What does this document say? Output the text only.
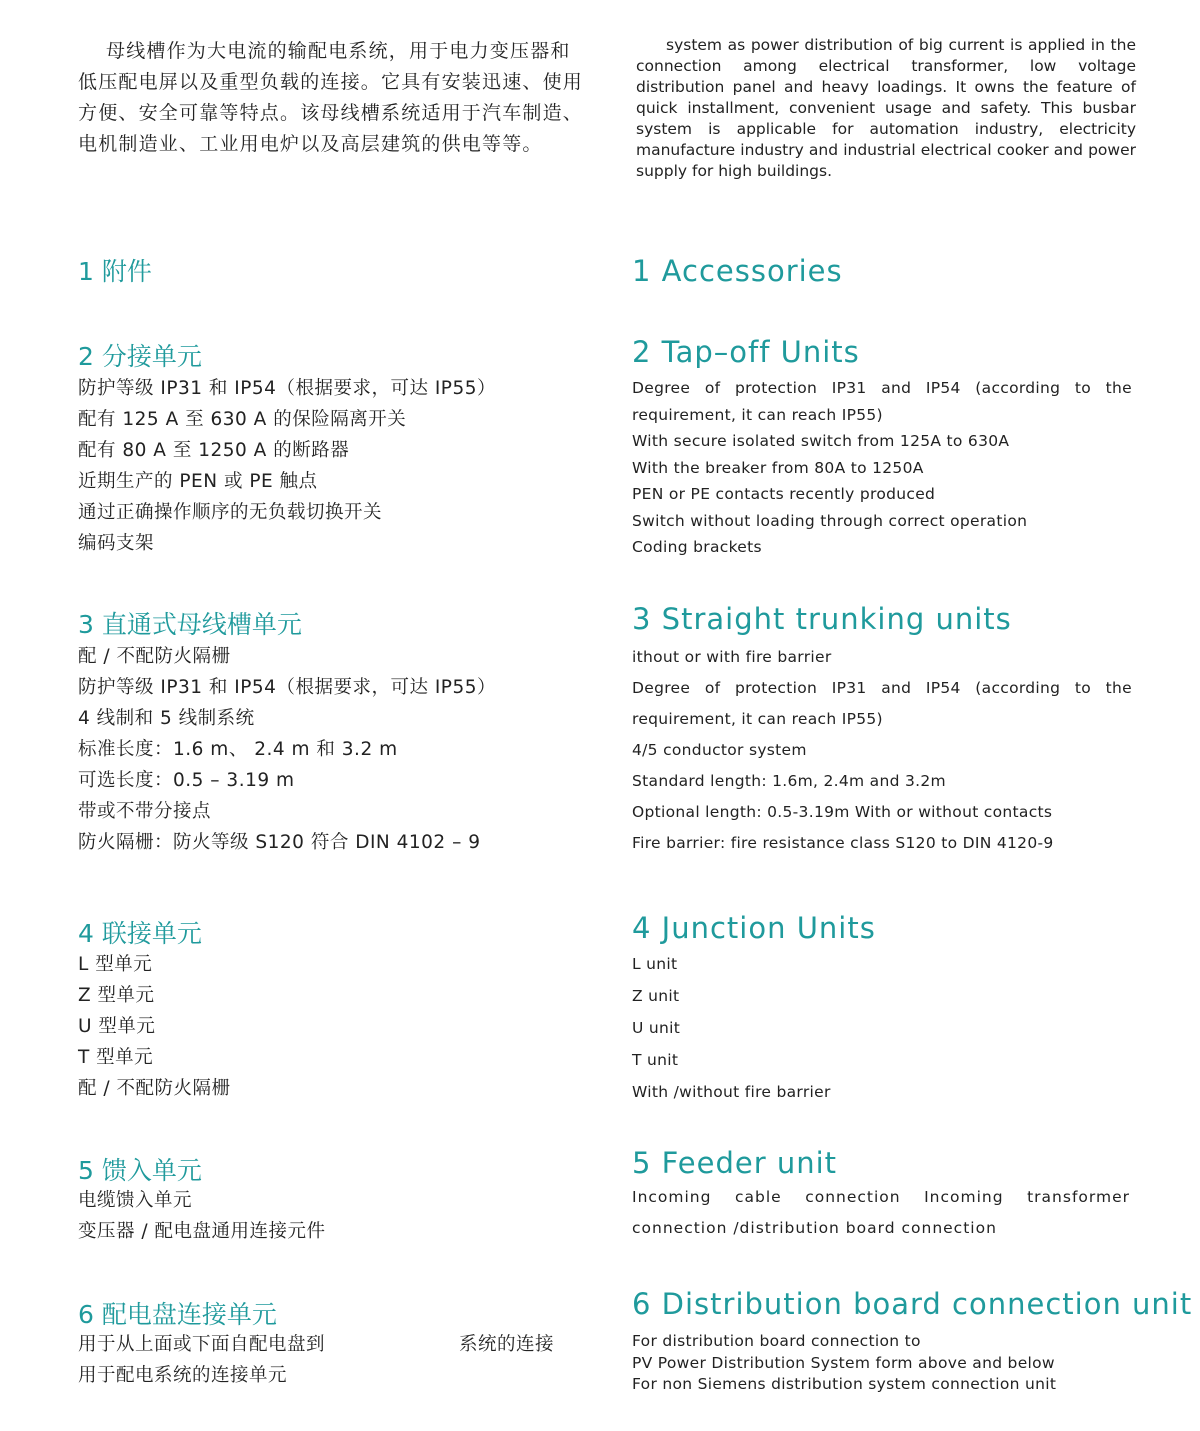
母线槽作为大电流的输配电系统，用于电力变压器和低压配电屏以及重型负载的连接。它具有安装迅速、使用方便、安全可靠等特点。该母线槽系统适用于汽车制造、电机制造业、工业用电炉以及高层建筑的供电等等。
system as power distribution of big current is applied in the connection among electrical transformer, low voltage distribution panel and heavy loadings. It owns the feature of quick installment, convenient usage and safety. This busbar system is applicable for automation industry, electricity manufacture industry and industrial electrical cooker and power supply for high buildings.
1 附件	1 Accessories
2 分接单元
防护等级 IP31 和 IP54（根据要求，可达 IP55）
配有 125 A 至 630 A 的保险隔离开关
配有 80 A 至 1250 A 的断路器
近期生产的 PEN 或 PE 触点
通过正确操作顺序的无负载切换开关
编码支架
2 Tap–off Units
Degree of protection IP31 and IP54 (according to the
requirement, it can reach IP55)
With secure isolated switch from 125A to 630A
With the breaker from 80A to 1250A
PEN or PE contacts recently produced
Switch without loading through correct operation
Coding brackets
3 直通式母线槽单元
配 / 不配防火隔栅
防护等级 IP31 和 IP54（根据要求，可达 IP55）
4 线制和 5 线制系统
标准长度：1.6 m、 2.4 m 和 3.2 m
可选长度：0.5 – 3.19 m
带或不带分接点
防火隔栅：防火等级 S120 符合 DIN 4102 – 9
3 Straight trunking units
ithout or with fire barrier
Degree of protection IP31 and IP54 (according to the
requirement, it can reach IP55)
4/5 conductor system
Standard length: 1.6m, 2.4m and 3.2m
Optional length: 0.5-3.19m With or without contacts
Fire barrier: fire resistance class S120 to DIN 4120-9
4 联接单元
L 型单元
Z 型单元
U 型单元
T 型单元
配 / 不配防火隔栅
4 Junction Units
L unit
Z unit
U unit
T unit
With /without fire barrier
5 馈入单元
电缆馈入单元
变压器 / 配电盘通用连接元件
5 Feeder unit
Incoming cable connection Incoming transformer
connection /distribution board connection
6 配电盘连接单元
用于从上面或下面自配电盘到
用于配电系统的连接单元
系统的连接
6 Distribution board connection unit
For distribution board connection to
PV Power Distribution System form above and below
For non Siemens distribution system connection unit
